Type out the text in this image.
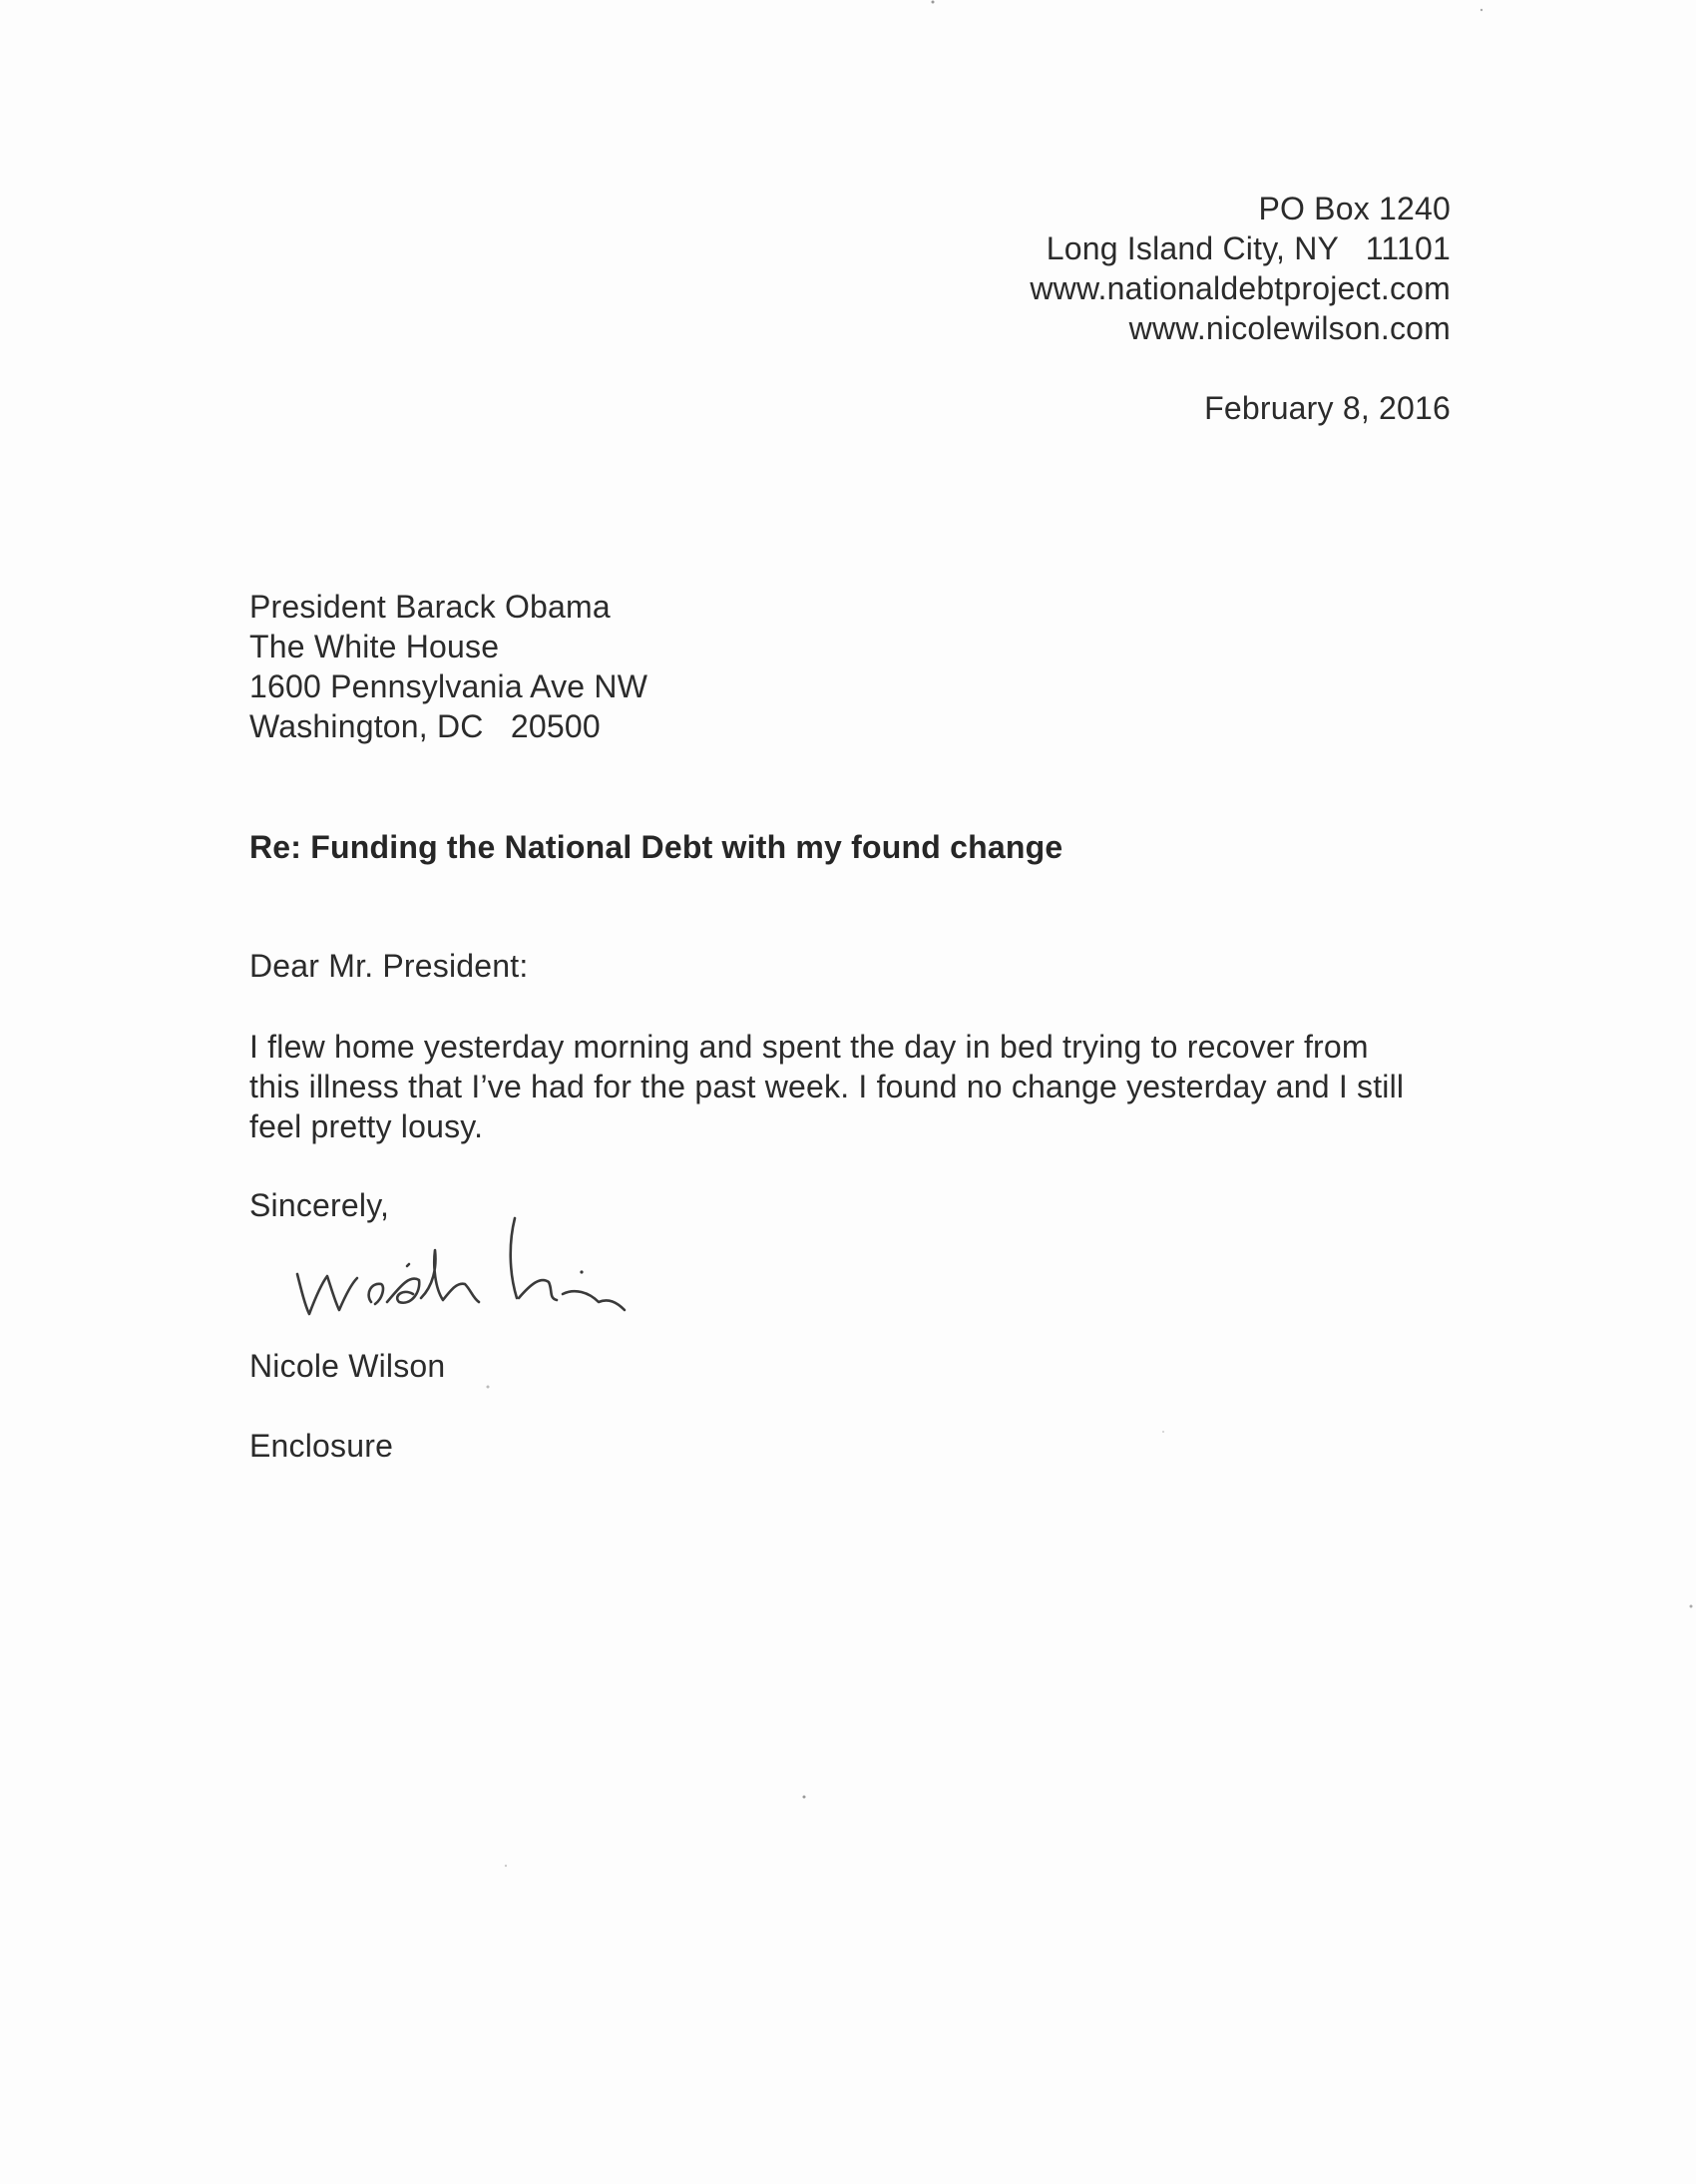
PO Box 1240
Long Island City, NY   11101
www.nationaldebtproject.com
www.nicolewilson.com
February 8, 2016
President Barack Obama
The White House
1600 Pennsylvania Ave NW
Washington, DC   20500
Re: Funding the National Debt with my found change
Dear Mr. President:
I flew home yesterday morning and spent the day in bed trying to recover from
this illness that I’ve had for the past week. I found no change yesterday and I still
feel pretty lousy.
Sincerely,
Nicole Wilson
Enclosure
